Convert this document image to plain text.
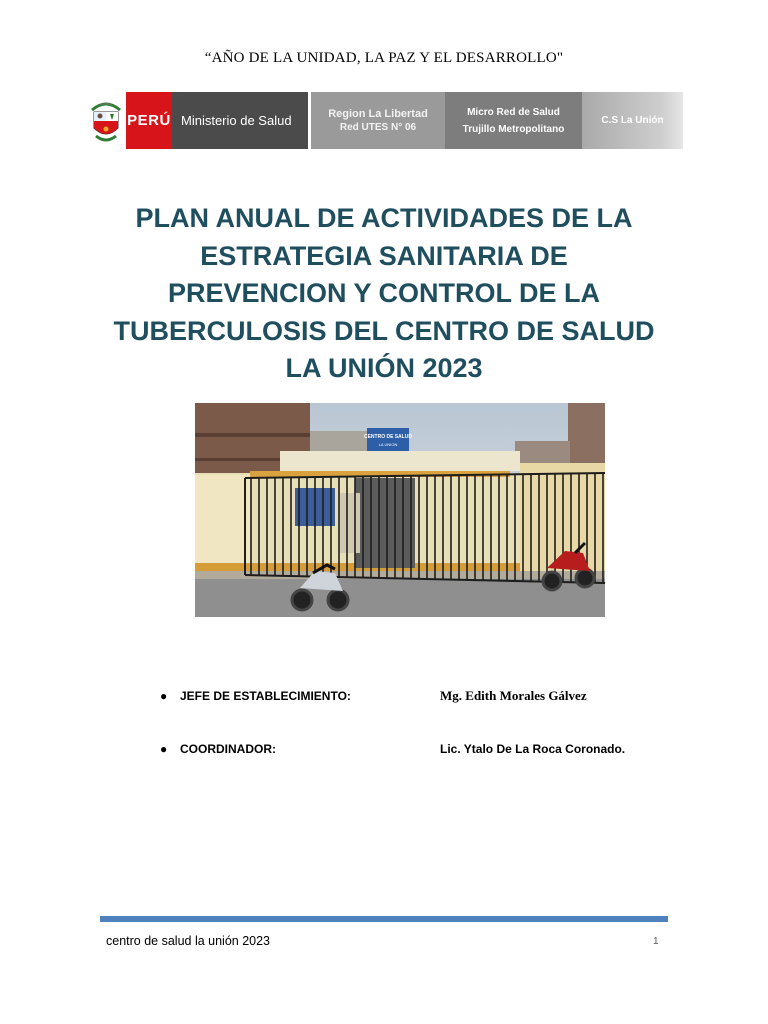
“AÑO DE LA UNIDAD, LA PAZ Y EL DESARROLLO"
PERÚ Ministerio de Salud	Region La Libertad
Red UTES N° 06
Micro Red de Salud
Trujillo Metropolitano
C.S La Unión
PLAN ANUAL DE ACTIVIDADES DE LA
ESTRATEGIA SANITARIA DE
PREVENCION Y CONTROL DE LA
TUBERCULOSIS DEL CENTRO DE SALUD
LA UNIÓN 2023
CENTRO DE SALUD
LA UNION
● JEFE DE ESTABLECIMIENTO:	Mg. Edith Morales Gálvez
● COORDINADOR:	Lic. Ytalo De La Roca Coronado.
centro de salud la unión 2023	1
